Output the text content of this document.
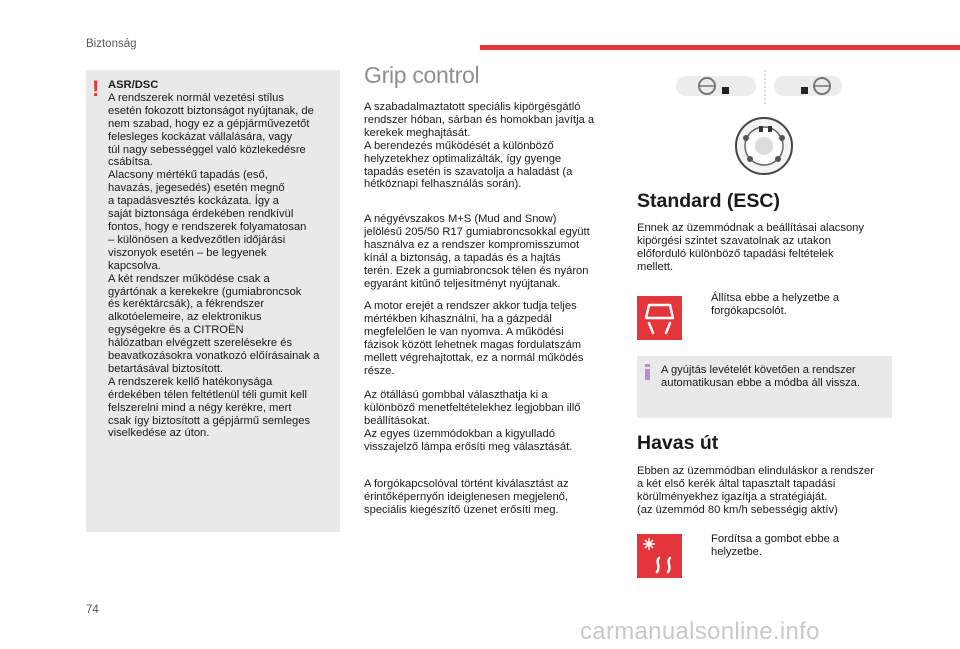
Biztonság
! ASR/DSC
A rendszerek normál vezetési stílus
esetén fokozott biztonságot nyújtanak, de
nem szabad, hogy ez a gépjárművezetőt
felesleges kockázat vállalására, vagy
túl nagy sebességgel való közlekedésre
csábítsa.
Alacsony mértékű tapadás (eső,
havazás, jegesedés) esetén megnő
a tapadásvesztés kockázata. Így a
saját biztonsága érdekében rendkívül
fontos, hogy e rendszerek folyamatosan
– különösen a kedvezőtlen időjárási
viszonyok esetén – be legyenek
kapcsolva.
A két rendszer működése csak a
gyártónak a kerekekre (gumiabroncsok
és keréktárcsák), a fékrendszer
alkotóelemeire, az elektronikus
egységekre és a CITROËN
hálózatban elvégzett szerelésekre és
beavatkozásokra vonatkozó előírásainak a
betartásával biztosított.
A rendszerek kellő hatékonysága
érdekében télen feltétlenül téli gumit kell
felszerelni mind a négy kerékre, mert
csak így biztosított a gépjármű semleges
viselkedése az úton.
Grip control
A szabadalmaztatott speciális kipörgésgátló
rendszer hóban, sárban és homokban javítja a
kerekek meghajtását.
A berendezés működését a különböző
helyzetekhez optimalizálták, így gyenge
tapadás esetén is szavatolja a haladást (a
hétköznapi felhasználás során).
A négyévszakos M+S (Mud and Snow)
jelölésű 205/50 R17 gumiabroncsokkal együtt
használva ez a rendszer kompromisszumot
kínál a biztonság, a tapadás és a hajtás
terén. Ezek a gumiabroncsok télen és nyáron
egyaránt kitűnő teljesítményt nyújtanak.
A motor erejét a rendszer akkor tudja teljes
mértékben kihasználni, ha a gázpedál
megfelelően le van nyomva. A működési
fázisok között lehetnek magas fordulatszám
mellett végrehajtottak, ez a normál működés
része.
Az ötállású gombbal választhatja ki a
különböző menetfeltételekhez legjobban illő
beállításokat.
Az egyes üzemmódokban a kigyulladó
visszajelző lámpa erősíti meg választását.
A forgókapcsolóval történt kiválasztást az
érintőképernyőn ideiglenesen megjelenő,
speciális kiegészítő üzenet erősíti meg.
Standard (ESC)
Ennek az üzemmódnak a beállításai alacsony
kipörgési szintet szavatolnak az utakon
előforduló különböző tapadási feltételek
mellett.
Állítsa ebbe a helyzetbe a forgókapcsolót.
A gyújtás levételét követően a rendszer automatikusan ebbe a módba áll vissza.
Havas út
Ebben az üzemmódban elinduláskor a rendszer
a két első kerék által tapasztalt tapadási
körülményekhez igazítja a stratégiáját.
(az üzemmód 80 km/h sebességig aktív)
Fordítsa a gombot ebbe a helyzetbe.
74
carmanualsonline.info
